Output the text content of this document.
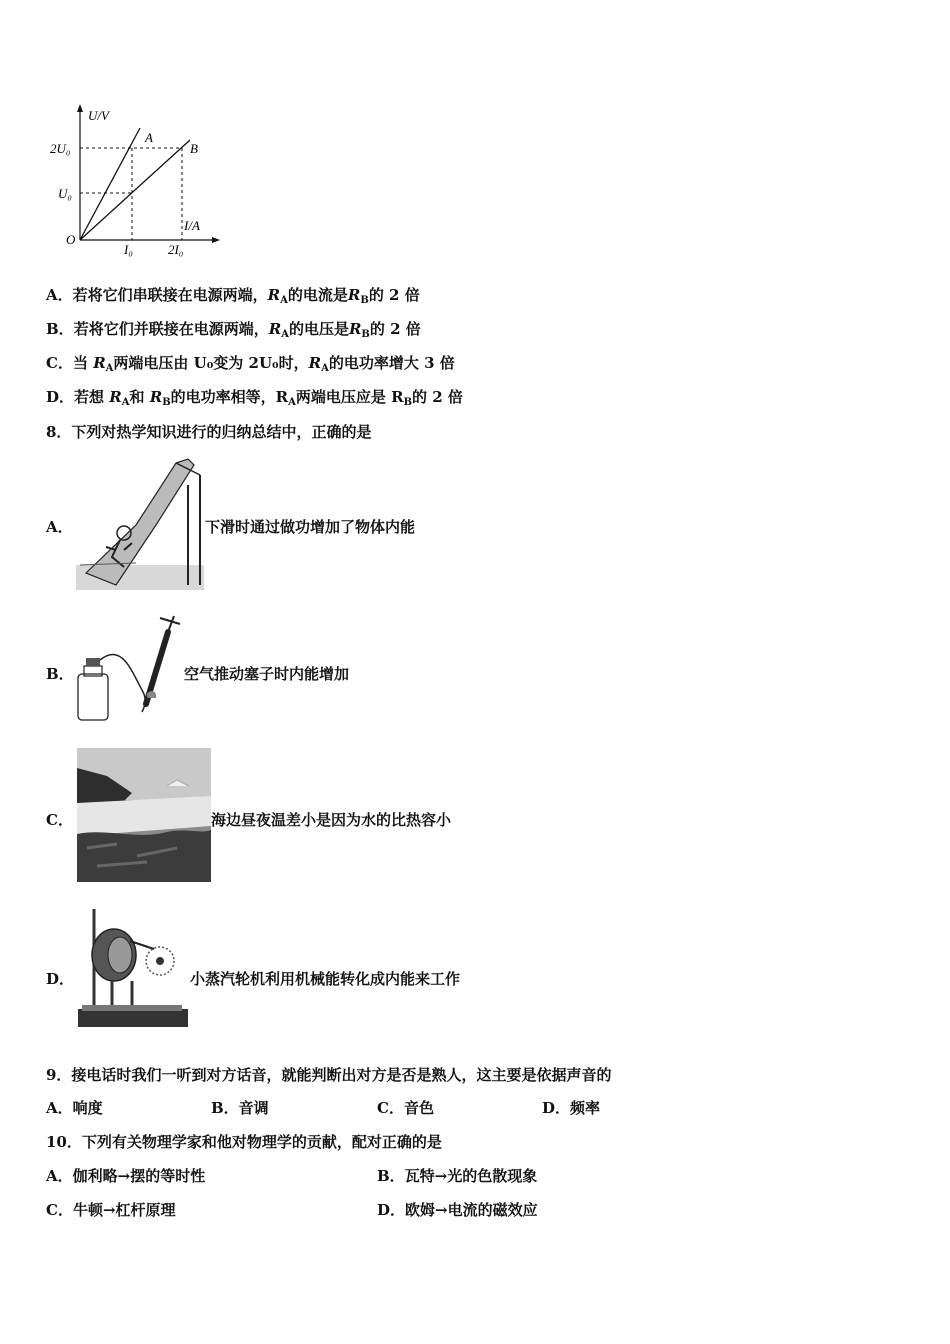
U/V
I/A
O
U₀
2U₀
I₀	2I₀
A
B
A．若将它们串联接在电源两端，$R_A$的电流是$R_B$的 2 倍
B．若将它们并联接在电源两端，$R_A$的电压是$R_B$的 2 倍
C．当 $R_A$两端电压由 U₀变为 2U₀时，$R_A$的电功率增大 3 倍
D．若想 $R_A$和 $R_B$的电功率相等，$R_A$两端电压应是 $R_B$的 2 倍
8．下列对热学知识进行的归纳总结中，正确的是
A．	下滑时通过做功增加了物体内能
B．	空气推动塞子时内能增加
C．	海边昼夜温差小是因为水的比热容小
D．	小蒸汽轮机利用机械能转化成内能来工作
9．接电话时我们一听到对方话音，就能判断出对方是否是熟人，这主要是依据声音的
A．响度	B．音调	C．音色	D．频率
10．下列有关物理学家和他对物理学的贡献，配对正确的是
A．伽利略→摆的等时性	B．瓦特→光的色散现象
C．牛顿→杠杆原理	D．欧姆→电流的磁效应
